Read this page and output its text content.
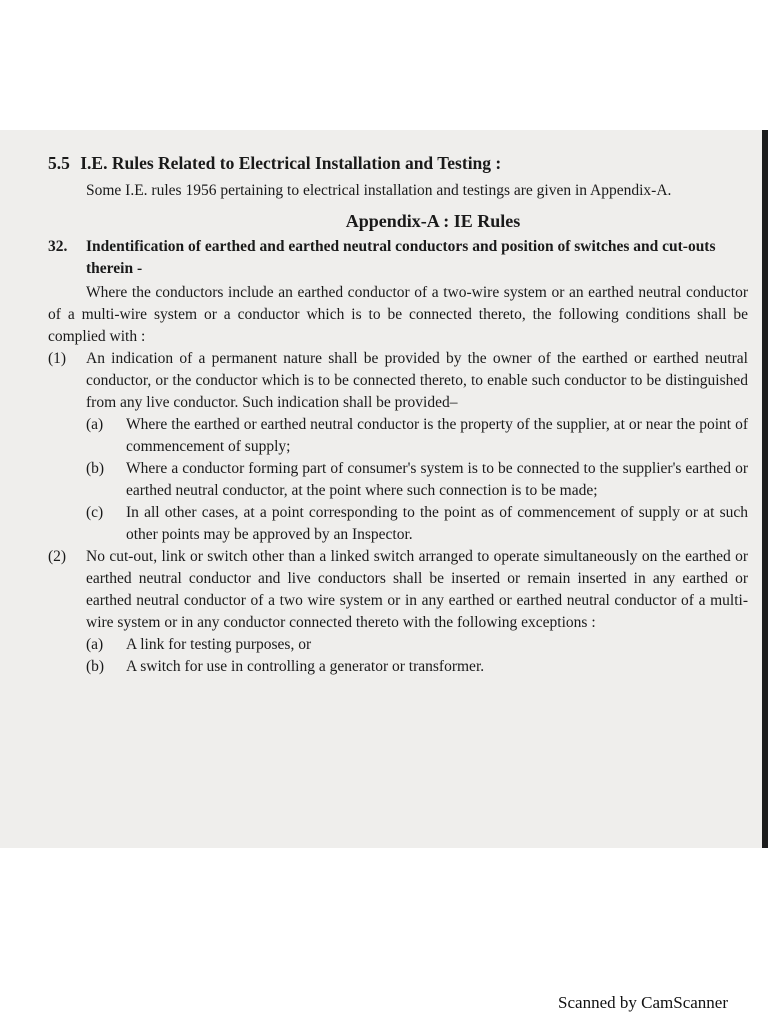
5.5 I.E. Rules Related to Electrical Installation and Testing :

Some I.E. rules 1956 pertaining to electrical installation and testings are given in Appendix-A.

Appendix-A : IE Rules
32.	Indentification of earthed and earthed neutral conductors and position of switches and cut-outs therein -

Where the conductors include an earthed conductor of a two-wire system or an earthed neutral conductor of a multi-wire system or a conductor which is to be connected thereto, the following conditions shall be complied with :

(1)	An indication of a permanent nature shall be provided by the owner of the earthed or earthed neutral conductor, or the conductor which is to be connected thereto, to enable such conductor to be distinguished from any live conductor. Such indication shall be provided–
(a)	Where the earthed or earthed neutral conductor is the property of the supplier, at or near the point of commencement of supply;
(b)	Where a conductor forming part of consumer's system is to be connected to the supplier's earthed or earthed neutral conductor, at the point where such connection is to be made;
(c)	In all other cases, at a point corresponding to the point as of commencement of supply or at such other points may be approved by an Inspector.
(2)	No cut-out, link or switch other than a linked switch arranged to operate simultaneously on the earthed or earthed neutral conductor and live conductors shall be inserted or remain inserted in any earthed or earthed neutral conductor of a two wire system or in any earthed or earthed neutral conductor of a multi-wire system or in any conductor connected thereto with the following exceptions :
(a)	A link for testing purposes, or
(b)	A switch for use in controlling a generator or transformer.
Scanned by CamScanner
